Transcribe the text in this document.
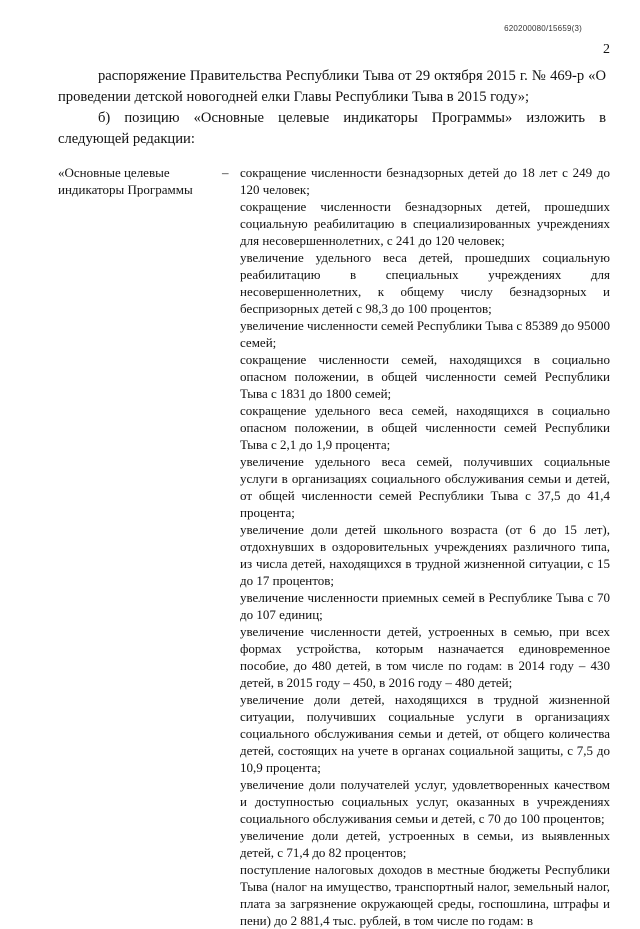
620200080/15659(3)
2

распоряжение Правительства Республики Тыва от 29 октября 2015 г. № 469-р «О проведении детской новогодней елки Главы Республики Тыва в 2015 году»;

б) позицию «Основные целевые индикаторы Программы» изложить в следующей редакции:

«Основные целевые индикаторы Программы
– сокращение численности безнадзорных детей до 18 лет с 249 до 120 человек;

сокращение численности безнадзорных детей, прошедших социальную реабилитацию в специализированных учреждениях для несовершеннолетних, с 241 до 120 человек;

увеличение удельного веса детей, прошедших социальную реабилитацию в специальных учреждениях для несовершеннолетних, к общему числу безнадзорных и беспризорных детей с 98,3 до 100 процентов;

увеличение численности семей Республики Тыва с 85389 до 95000 семей;

сокращение численности семей, находящихся в социально опасном положении, в общей численности семей Республики Тыва с 1831 до 1800 семей;

сокращение удельного веса семей, находящихся в социально опасном положении, в общей численности семей Республики Тыва с 2,1 до 1,9 процента;

увеличение удельного веса семей, получивших социальные услуги в организациях социального обслуживания семьи и детей, от общей численности семей Республики Тыва с 37,5 до 41,4 процента;

увеличение доли детей школьного возраста (от 6 до 15 лет), отдохнувших в оздоровительных учреждениях различного типа, из числа детей, находящихся в трудной жизненной ситуации, с 15 до 17 процентов;

увеличение численности приемных семей в Республике Тыва с 70 до 107 единиц;

увеличение численности детей, устроенных в семью, при всех формах устройства, которым назначается единовременное пособие, до 480 детей, в том числе по годам: в 2014 году – 430 детей, в 2015 году – 450, в 2016 году – 480 детей;

увеличение доли детей, находящихся в трудной жизненной ситуации, получивших социальные услуги в организациях социального обслуживания семьи и детей, от общего количества детей, состоящих на учете в органах социальной защиты, с 7,5 до 10,9 процента;

увеличение доли получателей услуг, удовлетворенных качеством и доступностью социальных услуг, оказанных в учреждениях социального обслуживания семьи и детей, с 70 до 100 процентов;

увеличение доли детей, устроенных в семьи, из выявленных детей, с 71,4 до 82 процентов;

поступление налоговых доходов в местные бюджеты Республики Тыва (налог на имущество, транспортный налог, земельный налог, плата за загрязнение окружающей среды, госпошлина, штрафы и пени) до 2 881,4 тыс. рублей, в том числе по годам: в
